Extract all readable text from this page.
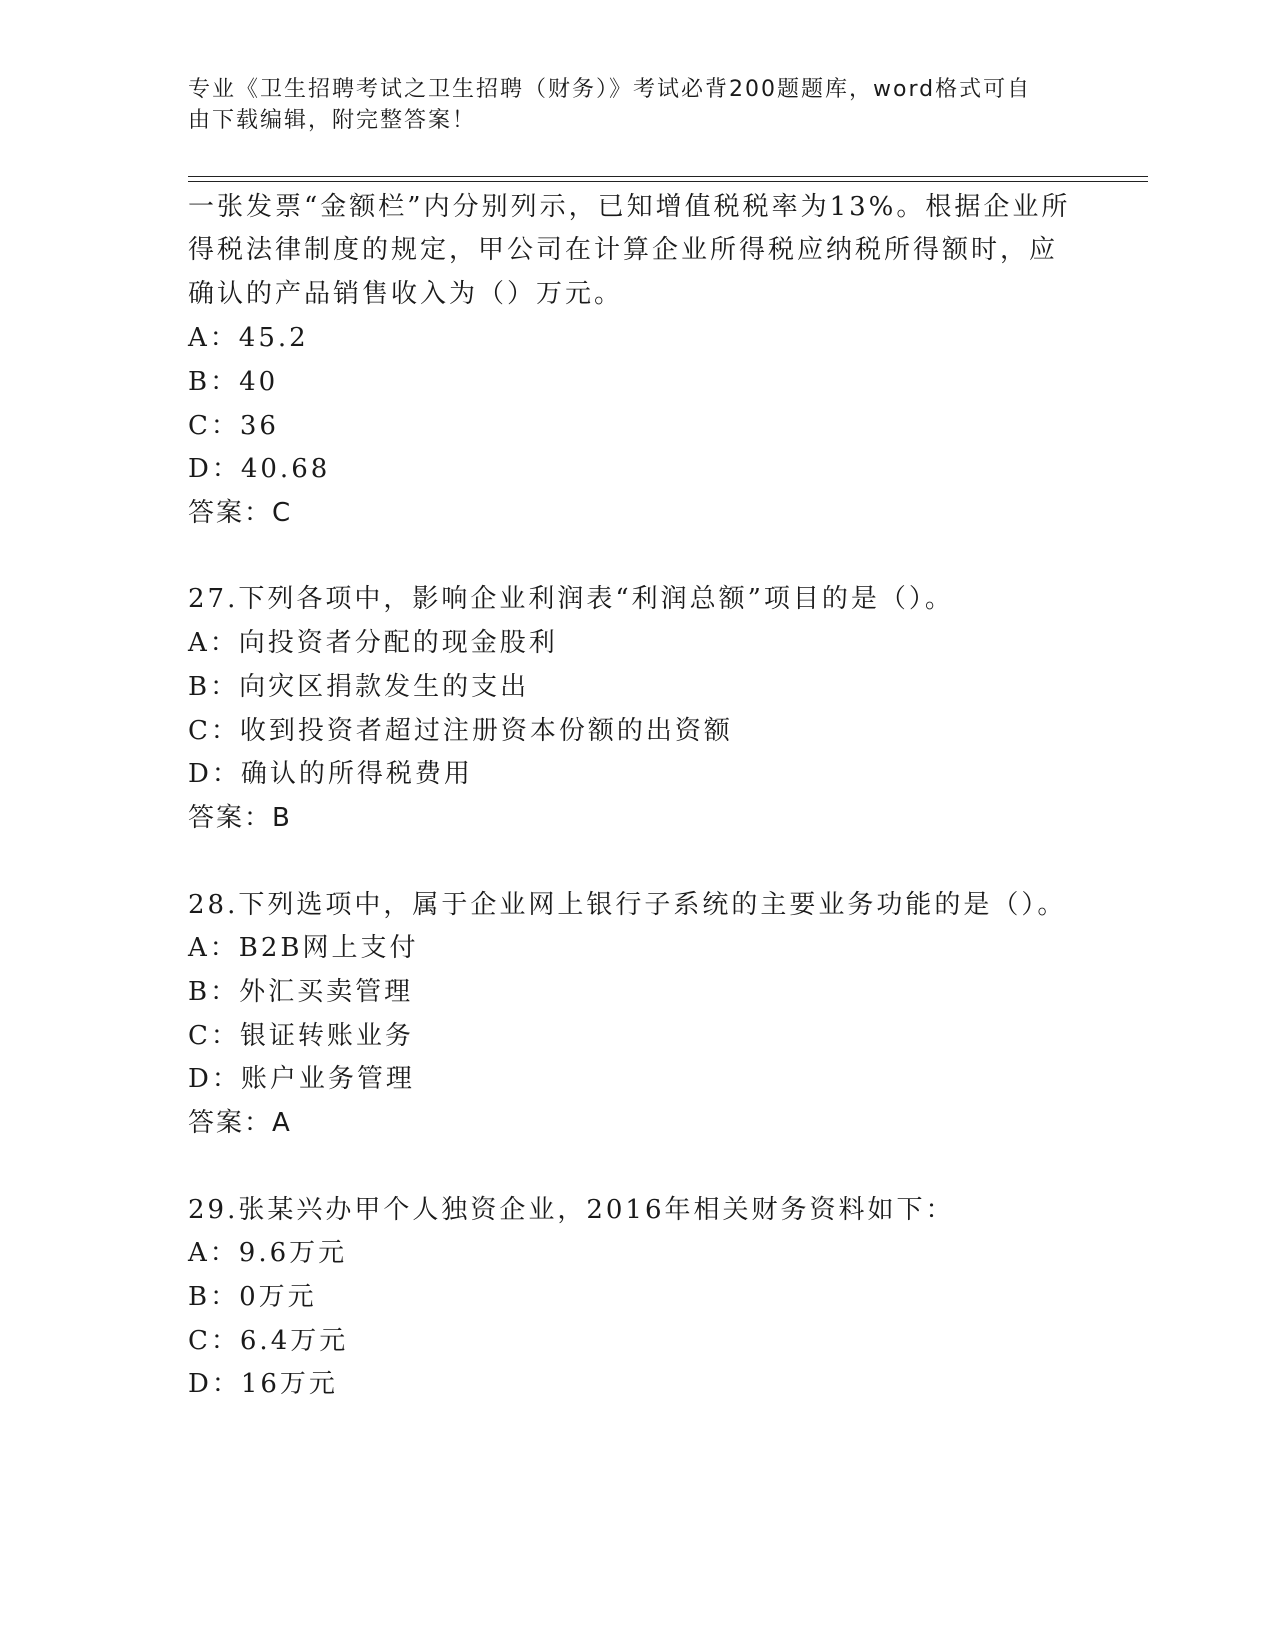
专业《卫生招聘考试之卫生招聘（财务）》考试必背200题题库，word格式可自
由下载编辑，附完整答案！
一张发票“金额栏”内分别列示，已知增值税税率为13%。根据企业所
得税法律制度的规定，甲公司在计算企业所得税应纳税所得额时，应
确认的产品销售收入为（）万元。
A：45.2
B：40
C：36
D：40.68
答案：C
27.下列各项中，影响企业利润表“利润总额”项目的是（）。
A：向投资者分配的现金股利
B：向灾区捐款发生的支出
C：收到投资者超过注册资本份额的出资额
D：确认的所得税费用
答案：B
28.下列选项中，属于企业网上银行子系统的主要业务功能的是（）。
A：B2B网上支付
B：外汇买卖管理
C：银证转账业务
D：账户业务管理
答案：A
29.张某兴办甲个人独资企业，2016年相关财务资料如下：
A：9.6万元
B：0万元
C：6.4万元
D：16万元
